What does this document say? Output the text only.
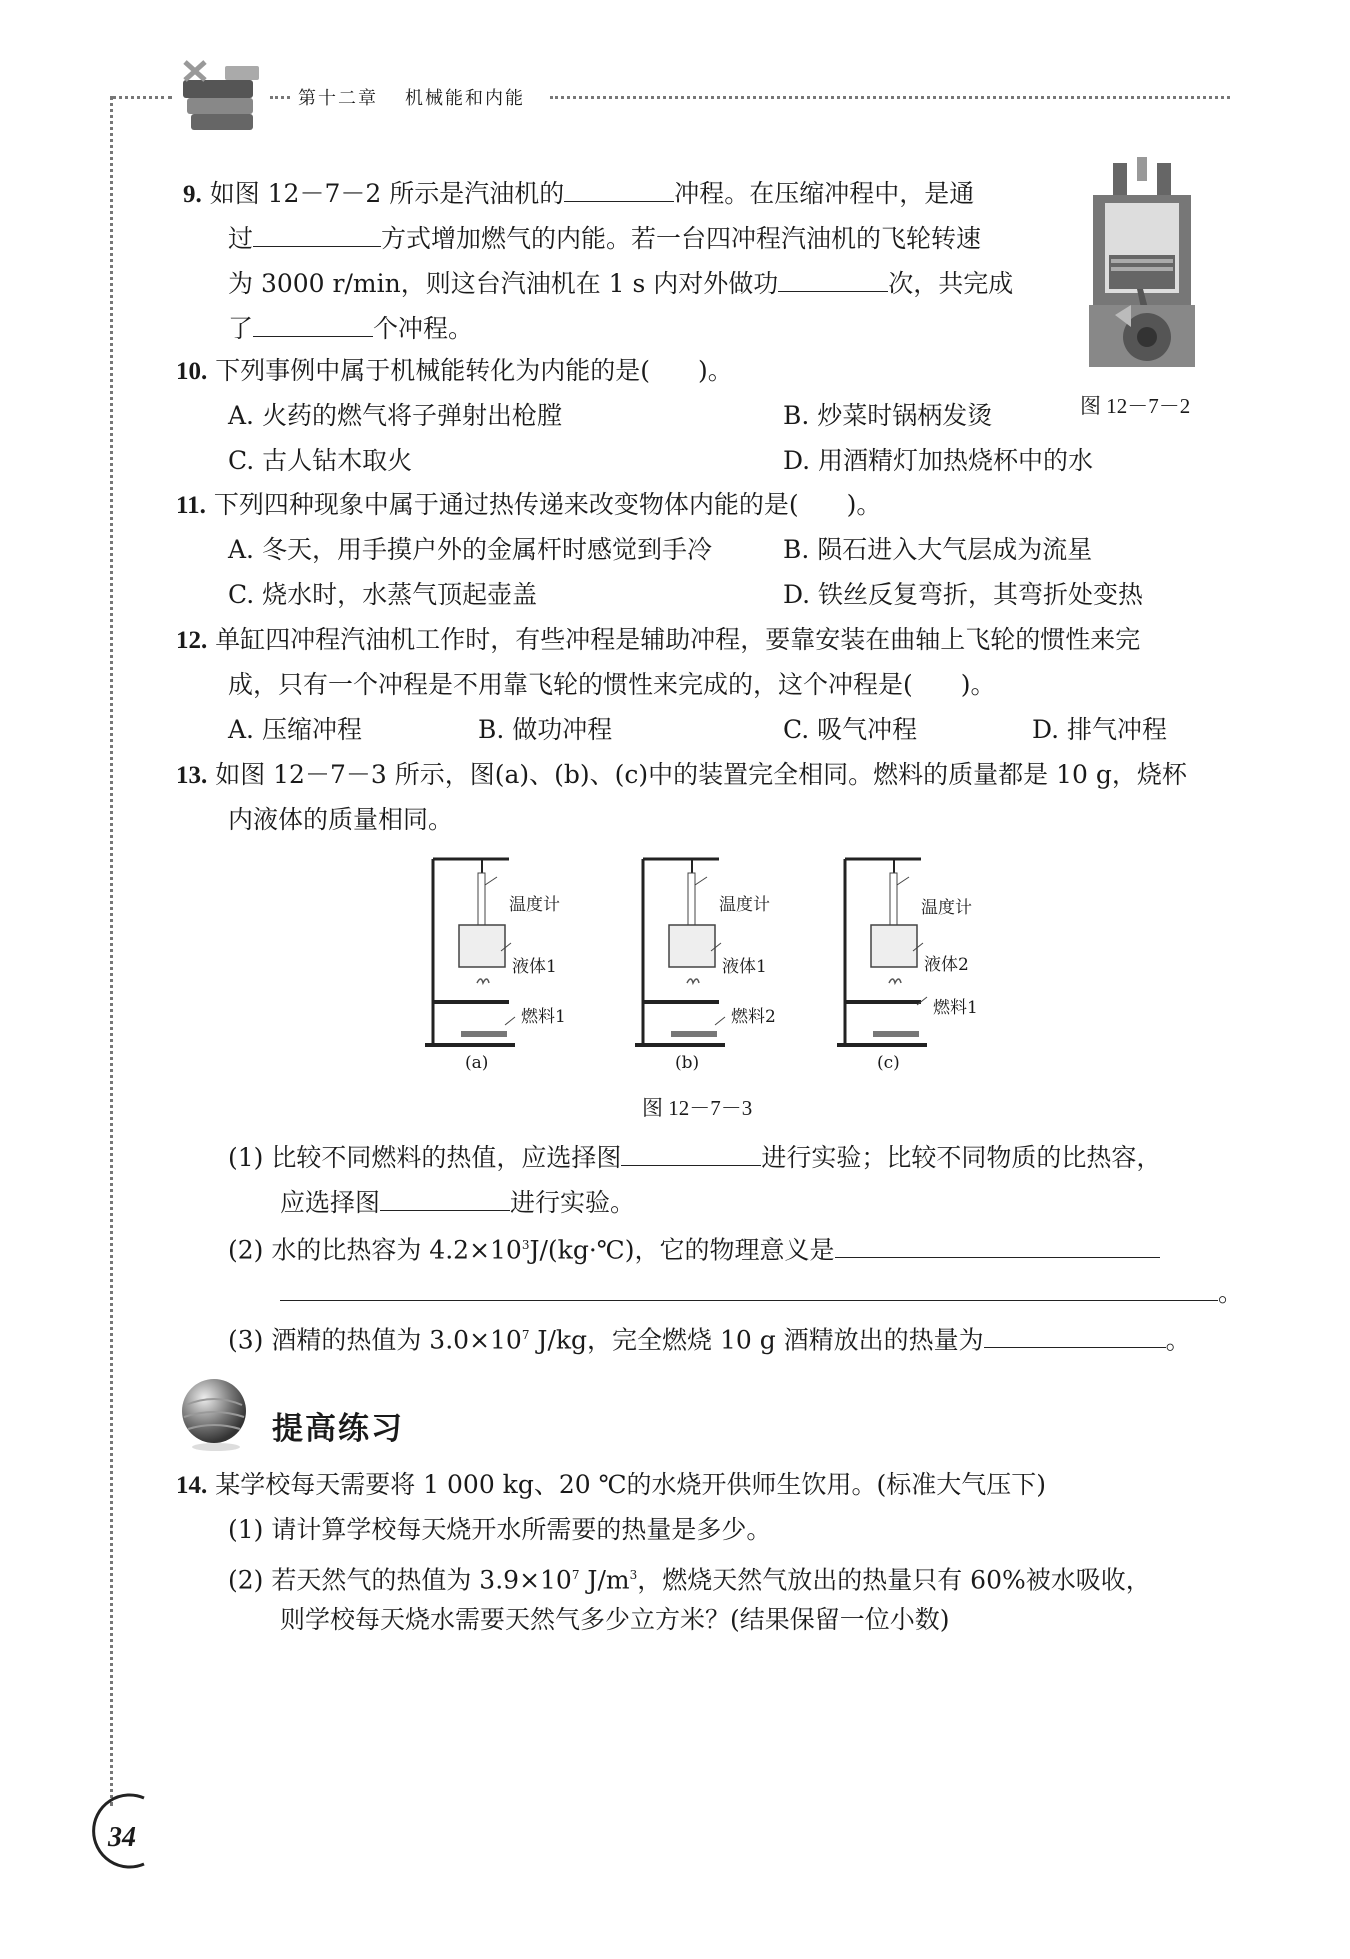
第十二章 机械能和内能
9. 如图 12－7－2 所示是汽油机的	冲程。在压缩冲程中，是通
过	方式增加燃气的内能。若一台四冲程汽油机的飞轮转速
为 3000 r/min，则这台汽油机在 1 s 内对外做功	次，共完成
了	个冲程。
图 12－7－2
10. 下列事例中属于机械能转化为内能的是( )。
A. 火药的燃气将子弹射出枪膛	B. 炒菜时锅柄发烫
C. 古人钻木取火	D. 用酒精灯加热烧杯中的水
11. 下列四种现象中属于通过热传递来改变物体内能的是( )。
A. 冬天，用手摸户外的金属杆时感觉到手冷	B. 陨石进入大气层成为流星
C. 烧水时，水蒸气顶起壶盖	D. 铁丝反复弯折，其弯折处变热
12. 单缸四冲程汽油机工作时，有些冲程是辅助冲程，要靠安装在曲轴上飞轮的惯性来完
成，只有一个冲程是不用靠飞轮的惯性来完成的，这个冲程是( )。
A. 压缩冲程	B. 做功冲程	C. 吸气冲程	D. 排气冲程
13. 如图 12－7－3 所示，图(a)、(b)、(c)中的装置完全相同。燃料的质量都是 10 g，烧杯
内液体的质量相同。
温度计
液体1
燃料1
(a)
温度计
液体1
燃料2
(b)
温度计
液体2
燃料1
(c)
图 12－7－3
(1) 比较不同燃料的热值，应选择图	进行实验；比较不同物质的比热容，
应选择图	进行实验。
(2) 水的比热容为 $4.2\times 10^3J/(kg\cdot℃)$，它的物理意义是
。
(3) 酒精的热值为 $3.0\times 10^7$ J/kg，完全燃烧 10 g 酒精放出的热量为	。
提高练习
14. 某学校每天需要将 1 000 kg、20 ℃的水烧开供师生饮用。(标准大气压下)
(1) 请计算学校每天烧开水所需要的热量是多少。
(2) 若天然气的热值为 $3.9\times 10^7$ $J/m^3$，燃烧天然气放出的热量只有 60%被水吸收，
则学校每天烧水需要天然气多少立方米？(结果保留一位小数)
34
